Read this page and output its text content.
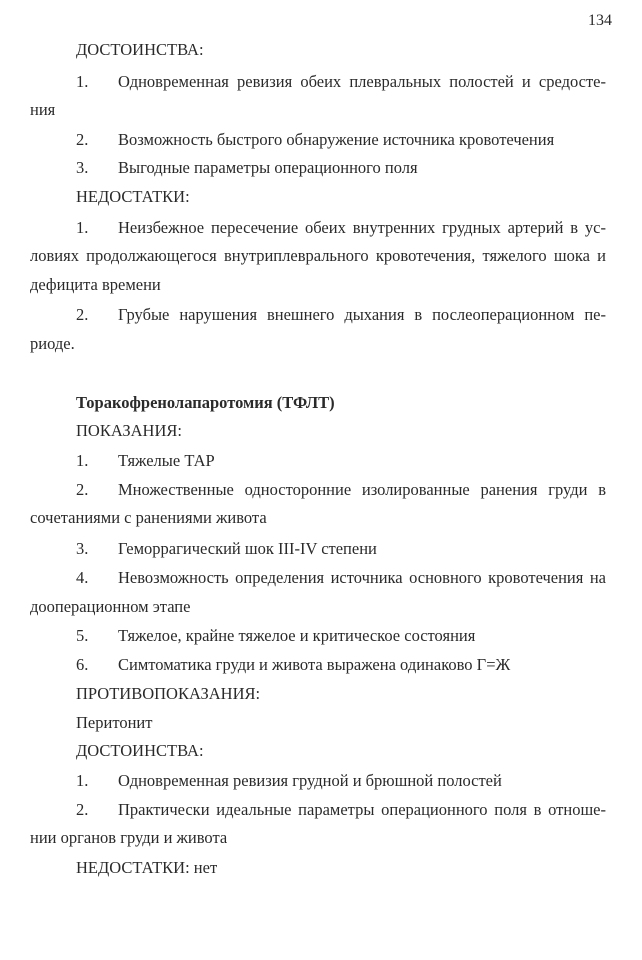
134
ДОСТОИНСТВА:
1. Одновременная ревизия обеих плевральных полостей и средосте-
ния
2. Возможность быстрого обнаружение источника кровотечения
3. Выгодные параметры операционного поля
НЕДОСТАТКИ:
1. Неизбежное пересечение обеих внутренних грудных артерий в ус-
ловиях продолжающегося внутриплеврального кровотечения, тяжелого шока и
дефицита времени
2. Грубые нарушения внешнего дыхания в послеоперационном пе-
риоде.
Торакофренолапаротомия (ТФЛТ)
ПОКАЗАНИЯ:
1. Тяжелые ТАР
2. Множественные односторонние изолированные ранения груди в
сочетаниями с ранениями живота
3. Геморрагический шок III-IV степени
4. Невозможность определения источника основного кровотечения на
дооперационном этапе
5. Тяжелое, крайне тяжелое и критическое состояния
6. Симтоматика груди и живота выражена одинаково Г=Ж
ПРОТИВОПОКАЗАНИЯ:
Перитонит
ДОСТОИНСТВА:
1. Одновременная ревизия грудной и брюшной полостей
2. Практически идеальные параметры операционного поля в отноше-
нии органов груди и живота
НЕДОСТАТКИ: нет
